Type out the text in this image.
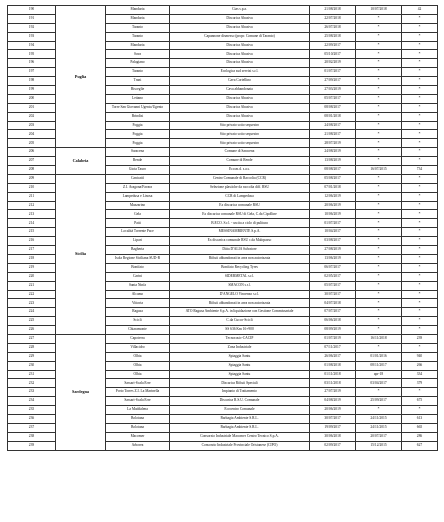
190	Puglia	Manduria	Cias s.p.a.	21/08/2018	10/07/2018	42
191		Manduria	Discarica Abusiva	22/07/2018	*	*
192		Taranto	Discarica Abusiva	26/07/2018	*	*
193		Taranto	Capannone dismesso (propr. Comune di Taranto)	25/08/2018	*	*
194		Manduria	Discarica Abusiva	22/09/2017	*	*
195		Sava	Discarica Abusiva	05/10/2017	*	*
196		Palagiano	Discarica Abusiva	20/02/2019	*	*
197		Taranto	Ecologica sud servizi s.r.l.	01/07/2017	*	*
198		Trani	Cava Cortellino	27/09/2017	*	*
199		Bisceglie	Cava abbandonata	27/03/2019	*	*
200		Lettano	Discarica Abusiva	05/07/2017	*	*
201		Torre San Giovanni Ugento/Ugento	Discarica Abusiva	08/08/2017	*	*
202		Brindisi	Discarica Abusiva	08/01/2018	*	*
203		Foggia	Sito privato sotto sequestro	24/08/2017	*	*
204		Foggia	Sito privato sotto sequestro	21/08/2017	*	*
205		Foggia	Sito privato sotto sequestro	28/07/2019	*	*
206	Calabria	Saracena	Comune di Saracena	24/08/2019	*	*
207		Rende	Comune di Rende	13/08/2019	*	*
208		Gioia Tauro	Eco.m.d. s.a.s.	08/08/2017	16/07/2015	734
209	Sicilia	Canicattì	Centro Comunale di Raccolta (CCR)	05/08/2017	*	*
210		Z.I. Aragona/Favara	Selezione plastiche da raccolta diff. RSU	07/01/2018	*	*
211		Lampedusa e Linosa	CCR di Lampedusa	12/06/2019	*	*
212		Mazzarino	Ex discarica comunale RSU	20/06/2019	*	*
213		Gela	Ex discarica comunale RSU di Gela, C.da Cipolline	10/06/2019	*	*
214		Patti	B.ECO. S.r.l. - uscita a ciclo di pulitura	01/07/2017	*	*
215		Località Torrente Pace	MESSINAMBIENTE S.p.A.	10/04/2017	*	*
216		Lipari	Ex discarica comunale RSU c.da Malopasso	03/08/2017	*	*
217		Bagheria	Ditta D'ALIA Salvatore	27/08/2019	*	*
218		Isola Regione Siciliana SUD-B	Rifiuti abbandonati in area non autorizzata	13/06/2019	*	*
219		Bonifato	Bonifato Recycling Tyres	06/07/2017	*	*
220		Carini	SIDERMETAL s.r.l.	02/05/2017	*	*
221		Santa Ninfa	SMACON s.r.l.	05/07/2017	*	*
222		Alcamo	D'ANGELO Vincenzo s.r.l.	30/07/2017	*	*
223		Vittoria	Rifiuti abbandonati in area non autorizzata	04/07/2018	*	*
224		Ragusa	ATO Ragusa Ambiente S.p.A. in liquidazione con Gestione Commissariale	07/07/2017	*	*
225		Scicli	C.da Cucco-Scicli	06/06/2018	*	*
226		Chiaramonte	SS 636 Km 16+900	08/09/2019	*	*
227	Sardegna	Capoterra	Tecnocasic-CACIP	01/07/2019	16/11/2018	239
228		Villacidro	Zona Industriale	07/11/2017	*	*
229		Olbia	Spiaggia Santu	26/06/2017	01/01/2016	940
230		Olbia	Spiaggia Santu	01/08/2018	08/11/2017	266
231		Olbia	Spiaggia Santu	01/11/2018	apr-18	334
232		Sassari-Scala Erre	Discarica Rifiuti Speciali	03/11/2018	03/04/2017	379
233		Porto Torres Z.I. La Marinella	Impianto di Trattamento	27/07/2019	*	*
234		Sassari-Scala Erre	Discarica R.S.U. Comunale	04/08/2019	25/09/2017	675
235		La Maddalena	Ecocentro Comunale	20/06/2019	*	*
236		Bolotana	Barbagia Ambiente S.R.L.	30/07/2017	24/11/2015	613
237		Bolotana	Barbagia Ambiente S.R.L.	19/09/2017	24/11/2015	665
238		Macomer	Consorzio Industriale Macomer Centro Tecnico S.p.A.	30/06/2018	20/07/2017	286
239		Arborea	Consorzio Industriale Provinciale Oristanese (CIPO)	02/09/2017	15/12/2015	627
